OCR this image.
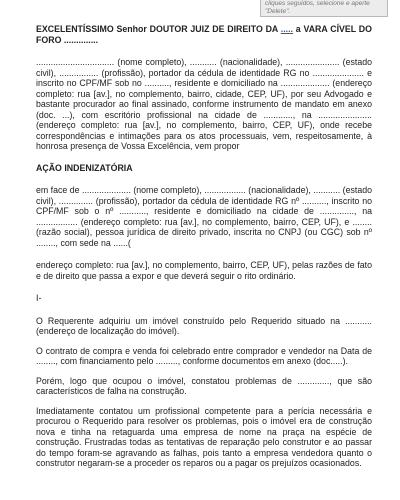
cliques seguidos, selecione e aperte "Delete".

EXCELENTÍSSIMO Senhor DOUTOR JUIZ DE DIREITO DA ..... a VARA CÍVEL DO FORO ..............

................................ (nome completo), ........... (nacionalidade), ...................... (estado civil), ................ (profissão), portador da cédula de identidade RG no ..................... e inscrito no CPF/MF sob no .........., residente e domiciliado na .................... (endereço completo: rua [av.], no complemento, bairro, cidade, CEP, UF), por seu Advogado e bastante procurador ao final assinado, conforme instrumento de mandato em anexo (doc. ...), com escritório profissional na cidade de ............, na ...................... (endereço completo: rua [av.], no complemento, bairro, CEP, UF), onde recebe correspondências e intimações para os atos processuais, vem, respeitosamente, à honrosa presença de Vossa Excelência, vem propor

AÇÃO INDENIZATÓRIA

em face de .................... (nome completo), ................. (nacionalidade), ........... (estado civil), .............. (profissão), portador da cédula de identidade RG nº .........., inscrito no CPF/MF sob o nº ..........., residente e domiciliado na cidade de .............., na ................. (endereço completo: rua [av.], no complemento, bairro, CEP, UF), e ........ (razão social), pessoa jurídica de direito privado, inscrita no CNPJ (ou CGC) sob nº ........, com sede na ......(

endereço completo: rua [av.], no complemento, bairro, CEP, UF), pelas razões de fato e de direito que passa a expor e que deverá seguir o rito ordinário.

I-

O Requerente adquiriu um imóvel construído pelo Requerido situado na ........... (endereço de localização do imóvel).

O contrato de compra e venda foi celebrado entre comprador e vendedor na Data de ........, com financiamento pelo ........., conforme documentos em anexo (doc.....).

Porém, logo que ocupou o imóvel, constatou problemas de ............., que são característicos de falha na construção.

Imediatamente contatou um profissional competente para a perícia necessária e procurou o Requerido para resolver os problemas, pois o imóvel era de construção nova e tinha na retaguarda uma empresa de nome na praça na espécie de construção. Frustradas todas as tentativas de reparação pelo construtor e ao passar do tempo foram-se agravando as falhas, pois tanto a empresa vendedora quanto o construtor negaram-se a proceder os reparos ou a pagar os prejuízos ocasionados.
